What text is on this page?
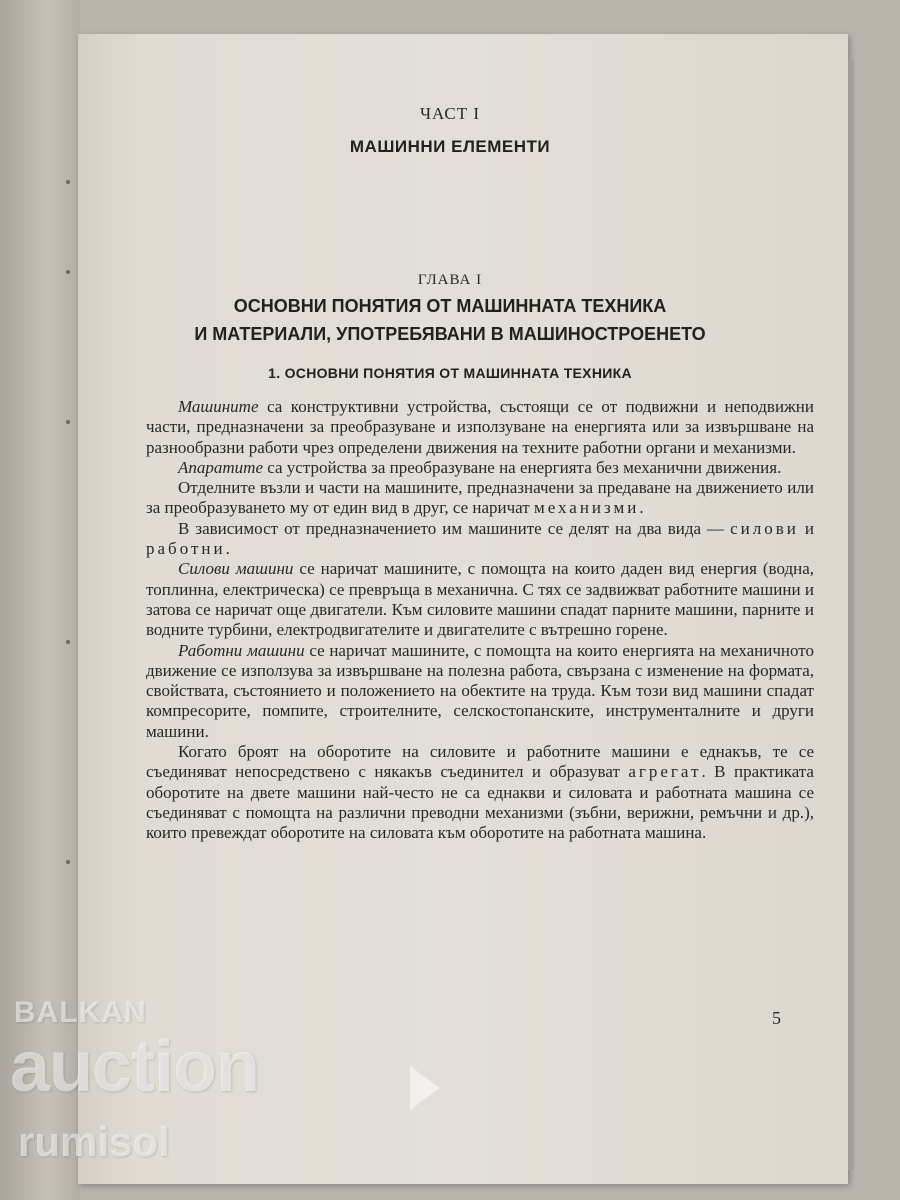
ЧАСТ I
МАШИННИ ЕЛЕМЕНТИ
ГЛАВА I
ОСНОВНИ ПОНЯТИЯ ОТ МАШИННАТА ТЕХНИКА
И МАТЕРИАЛИ, УПОТРЕБЯВАНИ В МАШИНОСТРОЕНЕТО
1. ОСНОВНИ ПОНЯТИЯ ОТ МАШИННАТА ТЕХНИКА

Машините са конструктивни устройства, състоящи се от подвижни и неподвижни части, предназначени за преобразуване и използуване на енергията или за извършване на разнообразни работи чрез определени движения на техните работни органи и механизми.

Апаратите са устройства за преобразуване на енергията без механични движения.

Отделните възли и части на машините, предназначени за предаване на движението или за преобразуването му от един вид в друг, се наричат механизми.

В зависимост от предназначението им машините се делят на два вида — силови и работни.

Силови машини се наричат машините, с помощта на които даден вид енергия (водна, топлинна, електрическа) се превръща в механична. С тях се задвижват работните машини и затова се наричат още двигатели. Към силовите машини спадат парните машини, парните и водните турбини, електродвигателите и двигателите с вътрешно горене.

Работни машини се наричат машините, с помощта на които енергията на механичното движение се използува за извършване на полезна работа, свързана с изменение на формата, свойствата, състоянието и положението на обектите на труда. Към този вид машини спадат компресорите, помпите, строителните, селскостопанските, инструменталните и други машини.

Когато броят на оборотите на силовите и работните машини е еднакъв, те се съединяват непосредствено с някакъв съединител и образуват агрегат. В практиката оборотите на двете машини най-често не са еднакви и силовата и работната машина се съединяват с помощта на различни преводни механизми (зъбни, верижни, ремъчни и др.), които превеждат оборотите на силовата към оборотите на работната машина.

5
BALKAN
auction
rumisol
